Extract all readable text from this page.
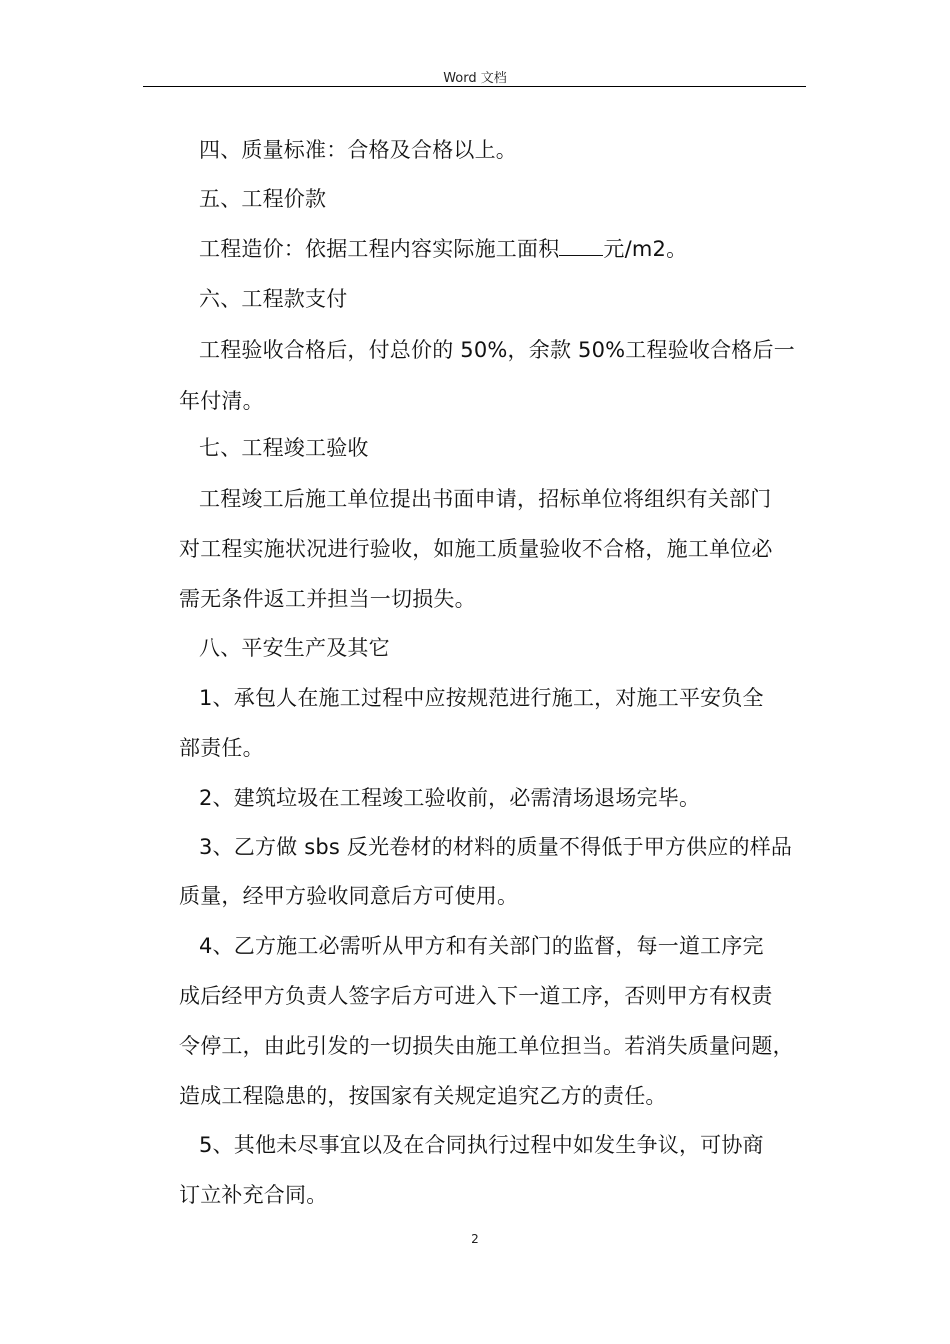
Word 文档
四、质量标准：合格及合格以上。
五、工程价款
工程造价：依据工程内容实际施工面积 元/m2。
六、工程款支付
工程验收合格后，付总价的 50%，余款 50%工程验收合格后一
年付清。
七、工程竣工验收
工程竣工后施工单位提出书面申请，招标单位将组织有关部门
对工程实施状况进行验收，如施工质量验收不合格，施工单位必
需无条件返工并担当一切损失。
八、平安生产及其它
1、承包人在施工过程中应按规范进行施工，对施工平安负全
部责任。
2、建筑垃圾在工程竣工验收前，必需清场退场完毕。
3、乙方做 sbs 反光卷材的材料的质量不得低于甲方供应的样品
质量，经甲方验收同意后方可使用。
4、乙方施工必需听从甲方和有关部门的监督，每一道工序完
成后经甲方负责人签字后方可进入下一道工序，否则甲方有权责
令停工，由此引发的一切损失由施工单位担当。若消失质量问题，
造成工程隐患的，按国家有关规定追究乙方的责任。
5、其他未尽事宜以及在合同执行过程中如发生争议，可协商
订立补充合同。
2
